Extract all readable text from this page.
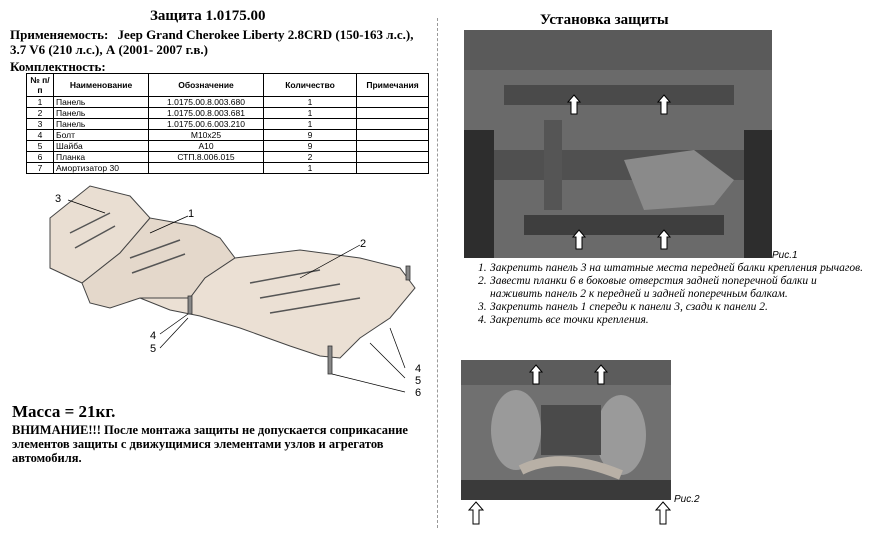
Защита 1.0175.00
Применяемость: Jeep Grand Cherokee Liberty 2.8CRD (150-163 л.с.), 3.7 V6 (210 л.с.), А (2001- 2007 г.в.)
Комплектность:
№ п/п	Наименование	Обозначение	Количество	Примечания
1	Панель	1.0175.00.8.003.680	1	
2	Панель	1.0175.00.8.003.681	1	
3	Панель	1.0175.00.6.003.210	1	
4	Болт	M10x25	9	
5	Шайба	A10	9	
6	Планка	СТП.8.006.015	2	
7	Амортизатор 30		1	
3
1
2
4
5
4
5
6
Масса = 21кг.
ВНИМАНИЕ!!! После монтажа защиты не допускается соприкасание элементов защиты с движущимися элементами узлов и агрегатов автомобиля.
Установка защиты
Рис.1
1. Закрепить панель 3 на штатные места передней балки крепления рычагов.
2. Завести планки 6 в боковые отверстия задней поперечной балки и наживить панель 2 к передней и задней поперечным балкам.
3. Закрепить панель 1 спереди к панели 3, сзади к панели 2.
4. Закрепить все точки крепления.
Рис.2
